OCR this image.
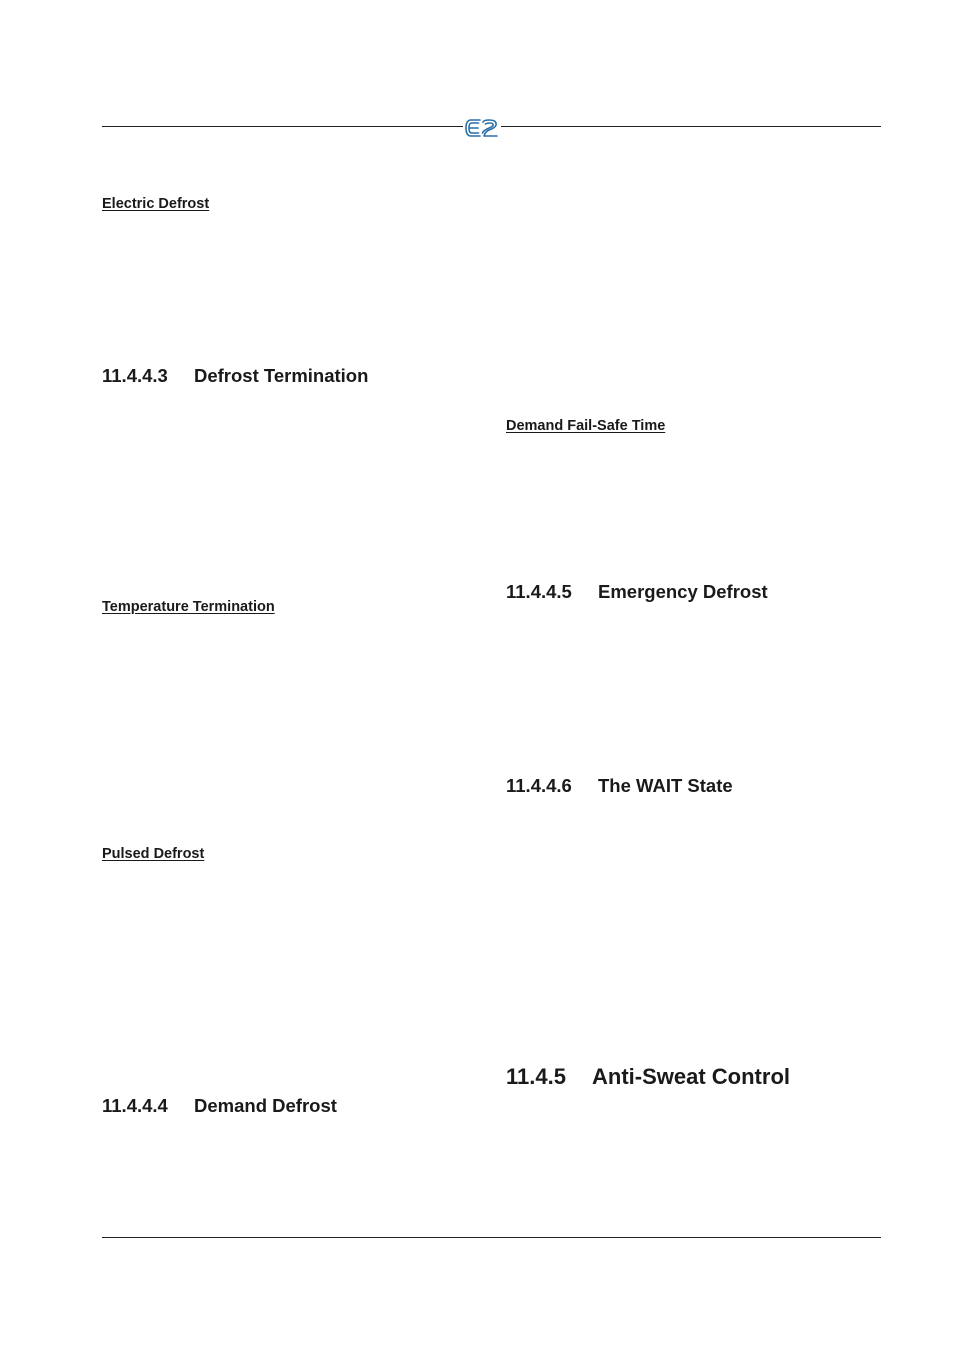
Electric Defrost
11.4.4.3 Defrost Termination
Temperature Termination
Pulsed Defrost
11.4.4.4 Demand Defrost
Demand Fail-Safe Time
11.4.4.5 Emergency Defrost
11.4.4.6 The WAIT State
11.4.5 Anti-Sweat Control
